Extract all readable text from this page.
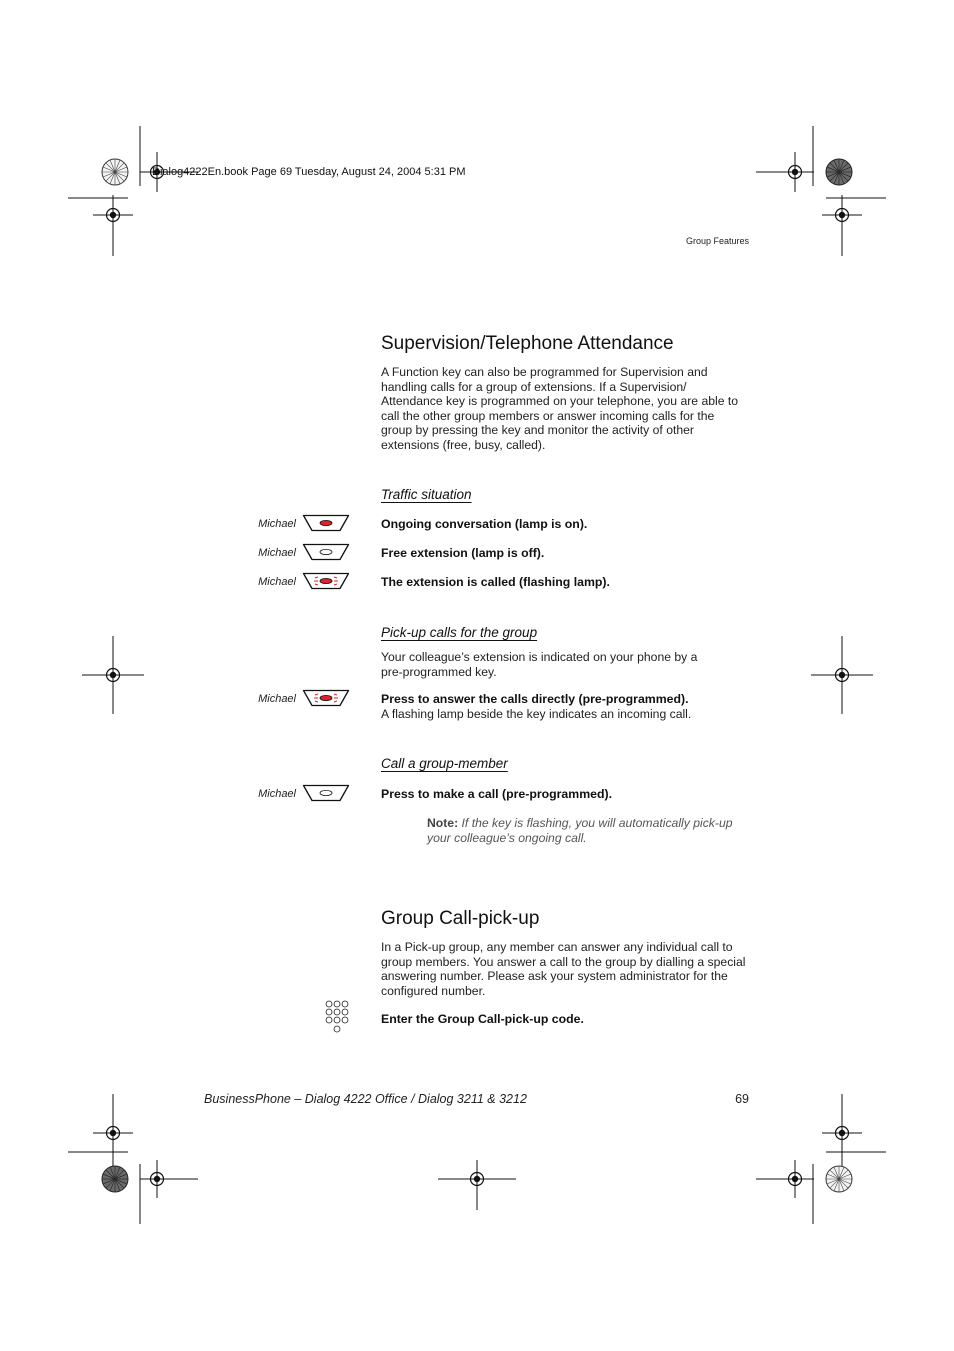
Dialog4222En.book Page 69 Tuesday, August 24, 2004 5:31 PM
Group Features
Supervision/Telephone Attendance
A Function key can also be programmed for Supervision and
handling calls for a group of extensions. If a Supervision/
Attendance key is programmed on your telephone, you are able to
call the other group members or answer incoming calls for the
group by pressing the key and monitor the activity of other
extensions (free, busy, called).
Traffic situation
Michael	Ongoing conversation (lamp is on).
Michael	Free extension (lamp is off).
Michael	The extension is called (flashing lamp).
Pick-up calls for the group
Your colleague’s extension is indicated on your phone by a
pre-programmed key.
Michael	Press to answer the calls directly (pre-programmed).
A flashing lamp beside the key indicates an incoming call.
Call a group-member
Michael	Press to make a call (pre-programmed).
Note: If the key is flashing, you will automatically pick-up
your colleague’s ongoing call.
Group Call-pick-up
In a Pick-up group, any member can answer any individual call to
group members. You answer a call to the group by dialling a special
answering number. Please ask your system administrator for the
configured number.
Enter the Group Call-pick-up code.
BusinessPhone – Dialog 4222 Office / Dialog 3211 & 3212	69
